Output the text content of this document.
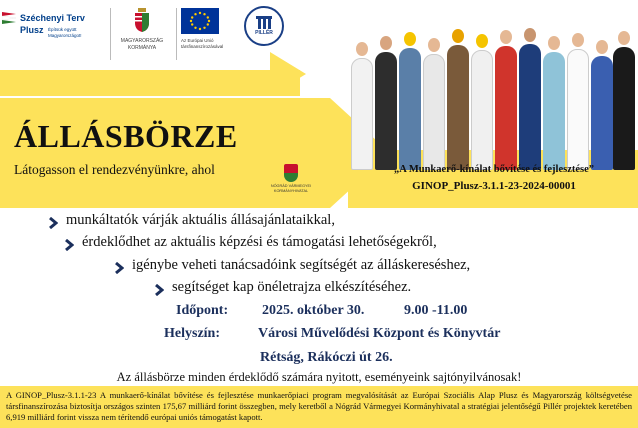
Széchenyi Terv
Plusz Építsük együtt Magyarországot!
MAGYARORSZÁG
KORMÁNYA
Az Európai Unió társfinanszírozásával
PILLÉR
ÁLLÁSBÖRZE
Látogasson el rendezvényünkre, ahol
NÓGRÁD VÁRMEGYEI KORMÁNYHIVATAL
„A Munkaerő-kínálat bővítése és fejlesztése”
GINOP_Plusz-3.1.1-23-2024-00001
munkáltatók várják aktuális állásajánlataikkal,
érdeklődhet az aktuális képzési és támogatási lehetőségekről,
igénybe veheti tanácsadóink segítségét az álláskereséshez,
segítséget kap önéletrajza elkészítéséhez.
Időpont: 2025. október 30.	9.00 -11.00
Helyszín:	Városi Művelődési Központ és Könyvtár
Rétság, Rákóczi út 26.
Az állásbörze minden érdeklődő számára nyitott, eseményeink sajtónyilvánosak!
A GINOP_Plusz-3.1.1-23 A munkaerő-kínálat bővítése és fejlesztése munkaerőpiaci program megvalósítását az Európai Szociális Alap Plusz és Magyarország költségvetése társfinanszírozása biztosítja országos szinten 175,67 milliárd forint összegben, mely keretből a Nógrád Vármegyei Kormányhivatal a stratégiai jelentőségű Pillér projektek keretében 6,919 milliárd forint vissza nem térítendő európai uniós támogatást kapott.
